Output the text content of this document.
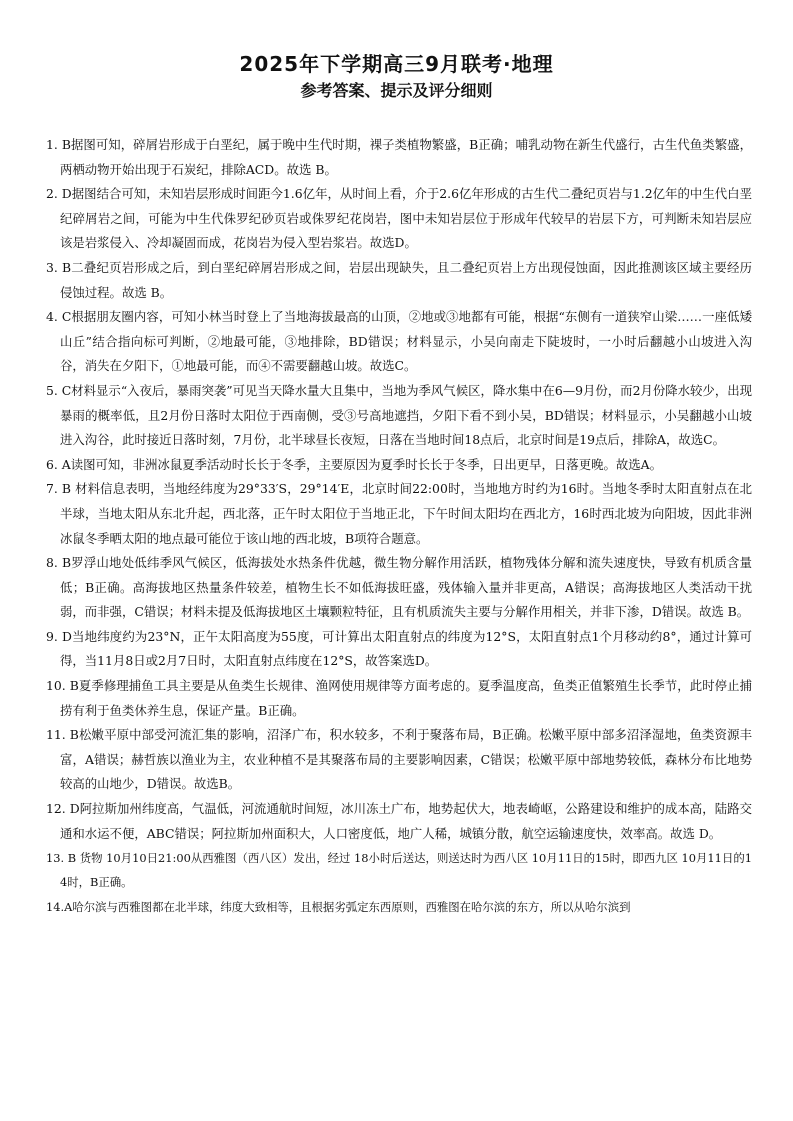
2025年下学期高三9月联考·地理
参考答案、提示及评分细则
1. B据图可知，碎屑岩形成于白垩纪，属于晚中生代时期，裸子类植物繁盛，B正确；哺乳动物在新生代盛行，古生代鱼类繁盛，两栖动物开始出现于石炭纪，排除ACD。故选 B。
2. D据图结合可知，未知岩层形成时间距今1.6亿年，从时间上看，介于2.6亿年形成的古生代二叠纪页岩与1.2亿年的中生代白垩纪碎屑岩之间，可能为中生代侏罗纪砂页岩或侏罗纪花岗岩，图中未知岩层位于形成年代较早的岩层下方，可判断未知岩层应该是岩浆侵入、冷却凝固而成，花岗岩为侵入型岩浆岩。故选D。
3. B二叠纪页岩形成之后，到白垩纪碎屑岩形成之间，岩层出现缺失，且二叠纪页岩上方出现侵蚀面，因此推测该区域主要经历侵蚀过程。故选 B。
4. C根据朋友圈内容，可知小林当时登上了当地海拔最高的山顶，②地或③地都有可能，根据“东侧有一道狭窄山梁……一座低矮山丘”结合指向标可判断，②地最可能，③地排除，BD错误；材料显示，小吴向南走下陡坡时，一小时后翻越小山坡进入沟谷，消失在夕阳下，①地最可能，而④不需要翻越山坡。故选C。
5. C材料显示“入夜后，暴雨突袭”可见当天降水量大且集中，当地为季风气候区，降水集中在6—9月份，而2月份降水较少，出现暴雨的概率低，且2月份日落时太阳位于西南侧，受③号高地遮挡，夕阳下看不到小吴，BD错误；材料显示，小吴翻越小山坡进入沟谷，此时接近日落时刻，7月份，北半球昼长夜短，日落在当地时间18点后，北京时间是19点后，排除A，故选C。
6. A读图可知，非洲冰鼠夏季活动时长长于冬季，主要原因为夏季时长长于冬季，日出更早，日落更晚。故选A。
7. B 材料信息表明，当地经纬度为29°33′S，29°14′E，北京时间22:00时，当地地方时约为16时。当地冬季时太阳直射点在北半球，当地太阳从东北升起，西北落，正午时太阳位于当地正北，下午时间太阳均在西北方，16时西北坡为向阳坡，因此非洲冰鼠冬季晒太阳的地点最可能位于该山地的西北坡，B项符合题意。
8. B罗浮山地处低纬季风气候区，低海拔处水热条件优越，微生物分解作用活跃，植物残体分解和流失速度快，导致有机质含量低；B正确。高海拔地区热量条件较差，植物生长不如低海拔旺盛，残体输入量并非更高，A错误；高海拔地区人类活动干扰弱，而非强，C错误；材料未提及低海拔地区土壤颗粒特征，且有机质流失主要与分解作用相关，并非下渗，D错误。故选 B。
9. D当地纬度约为23°N，正午太阳高度为55度，可计算出太阳直射点的纬度为12°S，太阳直射点1个月移动约8°，通过计算可得，当11月8日或2月7日时，太阳直射点纬度在12°S，故答案选D。
10. B夏季修理捕鱼工具主要是从鱼类生长规律、渔网使用规律等方面考虑的。夏季温度高，鱼类正值繁殖生长季节，此时停止捕捞有利于鱼类休养生息，保证产量。B正确。
11. B松嫩平原中部受河流汇集的影响，沼泽广布，积水较多，不利于聚落布局，B正确。松嫩平原中部多沼泽湿地，鱼类资源丰富，A错误；赫哲族以渔业为主，农业种植不是其聚落布局的主要影响因素，C错误；松嫩平原中部地势较低，森林分布比地势较高的山地少，D错误。故选B。
12. D阿拉斯加州纬度高，气温低，河流通航时间短，冰川冻土广布，地势起伏大，地表崎岖，公路建设和维护的成本高，陆路交通和水运不便，ABC错误；阿拉斯加州面积大，人口密度低，地广人稀，城镇分散，航空运输速度快，效率高。故选 D。
13. B 货物 10月10日21:00从西雅图（西八区）发出，经过 18小时后送达，则送达时为西八区 10月11日的15时，即西九区 10月11日的14时，B正确。
14.A哈尔滨与西雅图都在北半球，纬度大致相等，且根据劣弧定东西原则，西雅图在哈尔滨的东方，所以从哈尔滨到
